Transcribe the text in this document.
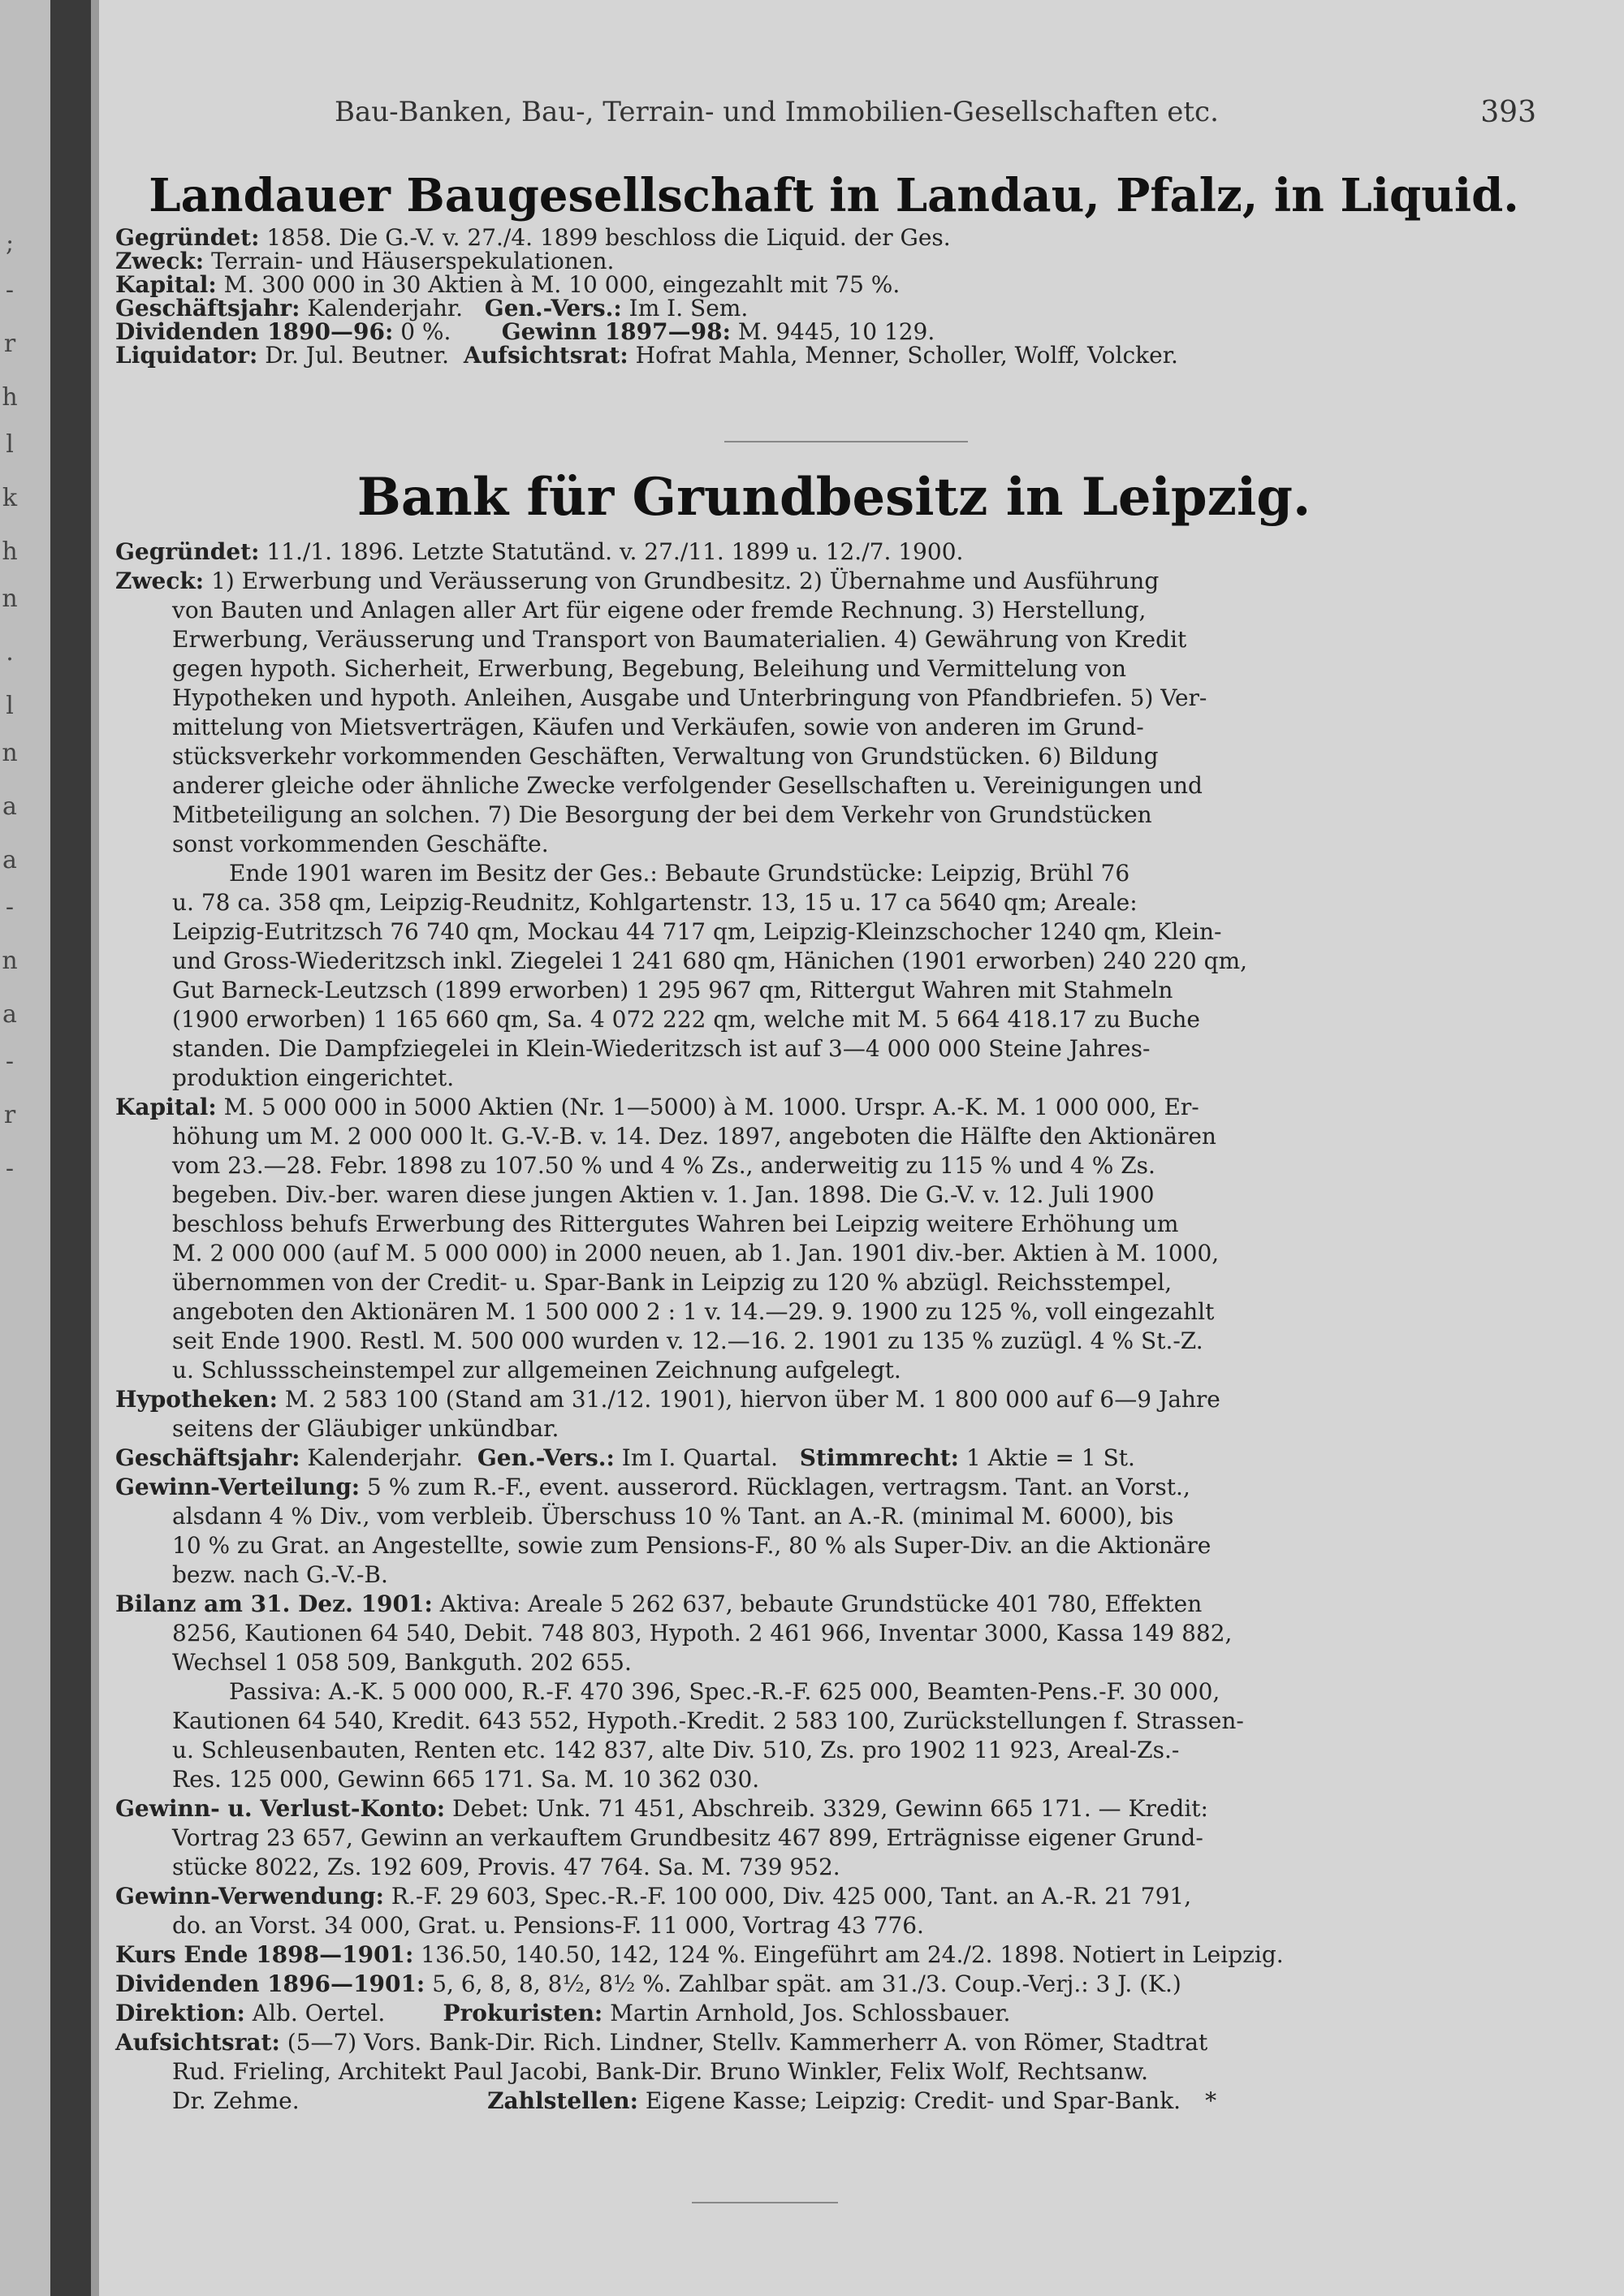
;
-
r
h
l
k
h
n
.
l
n
a
a
-
n
a
-
r
-
Bau-Banken, Bau-, Terrain- und Immobilien-Gesellschaften etc.	393
Landauer Baugesellschaft in Landau, Pfalz, in Liquid.
Gegründet: 1858. Die G.-V. v. 27./4. 1899 beschloss die Liquid. der Ges.
Zweck: Terrain- und Häuserspekulationen.
Kapital: M. 300 000 in 30 Aktien à M. 10 000, eingezahlt mit 75 %.
Geschäftsjahr: Kalenderjahr. Gen.-Vers.: Im I. Sem.
Dividenden 1890—96: 0 %. Gewinn 1897—98: M. 9445, 10 129.
Liquidator: Dr. Jul. Beutner. Aufsichtsrat: Hofrat Mahla, Menner, Scholler, Wolff, Volcker.
Bank für Grundbesitz in Leipzig.
Gegründet: 11./1. 1896. Letzte Statutänd. v. 27./11. 1899 u. 12./7. 1900.
Zweck: 1) Erwerbung und Veräusserung von Grundbesitz. 2) Übernahme und Ausführung
von Bauten und Anlagen aller Art für eigene oder fremde Rechnung. 3) Herstellung,
Erwerbung, Veräusserung und Transport von Baumaterialien. 4) Gewährung von Kredit
gegen hypoth. Sicherheit, Erwerbung, Begebung, Beleihung und Vermittelung von
Hypotheken und hypoth. Anleihen, Ausgabe und Unterbringung von Pfandbriefen. 5) Ver-
mittelung von Mietsverträgen, Käufen und Verkäufen, sowie von anderen im Grund-
stücksverkehr vorkommenden Geschäften, Verwaltung von Grundstücken. 6) Bildung
anderer gleiche oder ähnliche Zwecke verfolgender Gesellschaften u. Vereinigungen und
Mitbeteiligung an solchen. 7) Die Besorgung der bei dem Verkehr von Grundstücken
sonst vorkommenden Geschäfte.
Ende 1901 waren im Besitz der Ges.: Bebaute Grundstücke: Leipzig, Brühl 76
u. 78 ca. 358 qm, Leipzig-Reudnitz, Kohlgartenstr. 13, 15 u. 17 ca 5640 qm; Areale:
Leipzig-Eutritzsch 76 740 qm, Mockau 44 717 qm, Leipzig-Kleinzschocher 1240 qm, Klein-
und Gross-Wiederitzsch inkl. Ziegelei 1 241 680 qm, Hänichen (1901 erworben) 240 220 qm,
Gut Barneck-Leutzsch (1899 erworben) 1 295 967 qm, Rittergut Wahren mit Stahmeln
(1900 erworben) 1 165 660 qm, Sa. 4 072 222 qm, welche mit M. 5 664 418.17 zu Buche
standen. Die Dampfziegelei in Klein-Wiederitzsch ist auf 3—4 000 000 Steine Jahres-
produktion eingerichtet.
Kapital: M. 5 000 000 in 5000 Aktien (Nr. 1—5000) à M. 1000. Urspr. A.-K. M. 1 000 000, Er-
höhung um M. 2 000 000 lt. G.-V.-B. v. 14. Dez. 1897, angeboten die Hälfte den Aktionären
vom 23.—28. Febr. 1898 zu 107.50 % und 4 % Zs., anderweitig zu 115 % und 4 % Zs.
begeben. Div.-ber. waren diese jungen Aktien v. 1. Jan. 1898. Die G.-V. v. 12. Juli 1900
beschloss behufs Erwerbung des Rittergutes Wahren bei Leipzig weitere Erhöhung um
M. 2 000 000 (auf M. 5 000 000) in 2000 neuen, ab 1. Jan. 1901 div.-ber. Aktien à M. 1000,
übernommen von der Credit- u. Spar-Bank in Leipzig zu 120 % abzügl. Reichsstempel,
angeboten den Aktionären M. 1 500 000 2 : 1 v. 14.—29. 9. 1900 zu 125 %, voll eingezahlt
seit Ende 1900. Restl. M. 500 000 wurden v. 12.—16. 2. 1901 zu 135 % zuzügl. 4 % St.-Z.
u. Schlussscheinstempel zur allgemeinen Zeichnung aufgelegt.
Hypotheken: M. 2 583 100 (Stand am 31./12. 1901), hiervon über M. 1 800 000 auf 6—9 Jahre
seitens der Gläubiger unkündbar.
Geschäftsjahr: Kalenderjahr. Gen.-Vers.: Im I. Quartal. Stimmrecht: 1 Aktie = 1 St.
Gewinn-Verteilung: 5 % zum R.-F., event. ausserord. Rücklagen, vertragsm. Tant. an Vorst.,
alsdann 4 % Div., vom verbleib. Überschuss 10 % Tant. an A.-R. (minimal M. 6000), bis
10 % zu Grat. an Angestellte, sowie zum Pensions-F., 80 % als Super-Div. an die Aktionäre
bezw. nach G.-V.-B.
Bilanz am 31. Dez. 1901: Aktiva: Areale 5 262 637, bebaute Grundstücke 401 780, Effekten
8256, Kautionen 64 540, Debit. 748 803, Hypoth. 2 461 966, Inventar 3000, Kassa 149 882,
Wechsel 1 058 509, Bankguth. 202 655.
Passiva: A.-K. 5 000 000, R.-F. 470 396, Spec.-R.-F. 625 000, Beamten-Pens.-F. 30 000,
Kautionen 64 540, Kredit. 643 552, Hypoth.-Kredit. 2 583 100, Zurückstellungen f. Strassen-
u. Schleusenbauten, Renten etc. 142 837, alte Div. 510, Zs. pro 1902 11 923, Areal-Zs.-
Res. 125 000, Gewinn 665 171. Sa. M. 10 362 030.
Gewinn- u. Verlust-Konto: Debet: Unk. 71 451, Abschreib. 3329, Gewinn 665 171. — Kredit:
Vortrag 23 657, Gewinn an verkauftem Grundbesitz 467 899, Erträgnisse eigener Grund-
stücke 8022, Zs. 192 609, Provis. 47 764. Sa. M. 739 952.
Gewinn-Verwendung: R.-F. 29 603, Spec.-R.-F. 100 000, Div. 425 000, Tant. an A.-R. 21 791,
do. an Vorst. 34 000, Grat. u. Pensions-F. 11 000, Vortrag 43 776.
Kurs Ende 1898—1901: 136.50, 140.50, 142, 124 %. Eingeführt am 24./2. 1898. Notiert in Leipzig.
Dividenden 1896—1901: 5, 6, 8, 8, 8½, 8½ %. Zahlbar spät. am 31./3. Coup.-Verj.: 3 J. (K.)
Direktion: Alb. Oertel.	Prokuristen: Martin Arnhold, Jos. Schlossbauer.
Aufsichtsrat: (5—7) Vors. Bank-Dir. Rich. Lindner, Stellv. Kammerherr A. von Römer, Stadtrat
Rud. Frieling, Architekt Paul Jacobi, Bank-Dir. Bruno Winkler, Felix Wolf, Rechtsanw.
Dr. Zehme.	Zahlstellen: Eigene Kasse; Leipzig: Credit- und Spar-Bank. *
